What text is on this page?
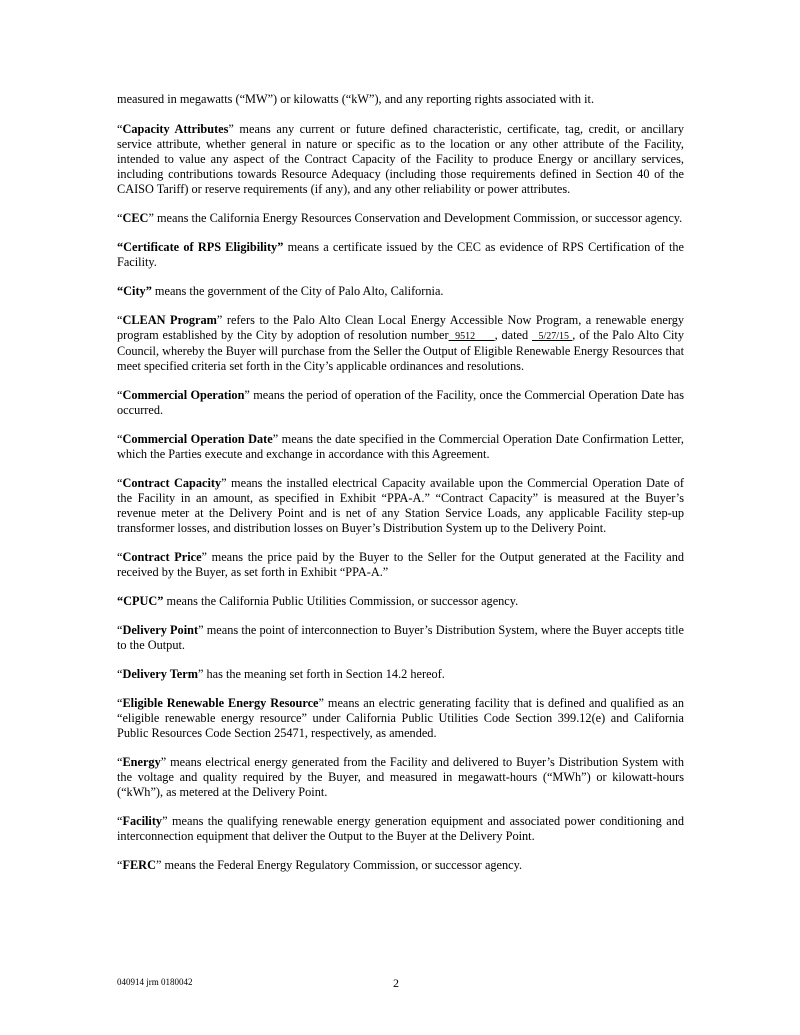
measured in megawatts (“MW”) or kilowatts (“kW”), and any reporting rights associated with it.

“Capacity Attributes” means any current or future defined characteristic, certificate, tag, credit, or ancillary service attribute, whether general in nature or specific as to the location or any other attribute of the Facility, intended to value any aspect of the Contract Capacity of the Facility to produce Energy or ancillary services, including contributions towards Resource Adequacy (including those requirements defined in Section 40 of the CAISO Tariff) or reserve requirements (if any), and any other reliability or power attributes.

“CEC” means the California Energy Resources Conservation and Development Commission, or successor agency.

“Certificate of RPS Eligibility” means a certificate issued by the CEC as evidence of RPS Certification of the Facility.

“City” means the government of the City of Palo Alto, California.

“CLEAN Program” refers to the Palo Alto Clean Local Energy Accessible Now Program, a renewable energy program established by the City by adoption of resolution number  9512      , dated   5/27/15 , of the Palo Alto City Council, whereby the Buyer will purchase from the Seller the Output of Eligible Renewable Energy Resources that meet specified criteria set forth in the City’s applicable ordinances and resolutions.

“Commercial Operation” means the period of operation of the Facility, once the Commercial Operation Date has occurred.

“Commercial Operation Date” means the date specified in the Commercial Operation Date Confirmation Letter, which the Parties execute and exchange in accordance with this Agreement.

“Contract Capacity” means the installed electrical Capacity available upon the Commercial Operation Date of the Facility in an amount, as specified in Exhibit “PPA-A.” “Contract Capacity” is measured at the Buyer’s revenue meter at the Delivery Point and is net of any Station Service Loads, any applicable Facility step-up transformer losses, and distribution losses on Buyer’s Distribution System up to the Delivery Point.

“Contract Price” means the price paid by the Buyer to the Seller for the Output generated at the Facility and received by the Buyer, as set forth in Exhibit “PPA-A.”

“CPUC” means the California Public Utilities Commission, or successor agency.

“Delivery Point” means the point of interconnection to Buyer’s Distribution System, where the Buyer accepts title to the Output.

“Delivery Term” has the meaning set forth in Section 14.2 hereof.

“Eligible Renewable Energy Resource” means an electric generating facility that is defined and qualified as an “eligible renewable energy resource” under California Public Utilities Code Section 399.12(e) and California Public Resources Code Section 25471, respectively, as amended.

“Energy” means electrical energy generated from the Facility and delivered to Buyer’s Distribution System with the voltage and quality required by the Buyer, and measured in megawatt-hours (“MWh”) or kilowatt-hours (“kWh”), as metered at the Delivery Point.

“Facility” means the qualifying renewable energy generation equipment and associated power conditioning and interconnection equipment that deliver the Output to the Buyer at the Delivery Point.

“FERC” means the Federal Energy Regulatory Commission, or successor agency.

040914 jrm 0180042	2
